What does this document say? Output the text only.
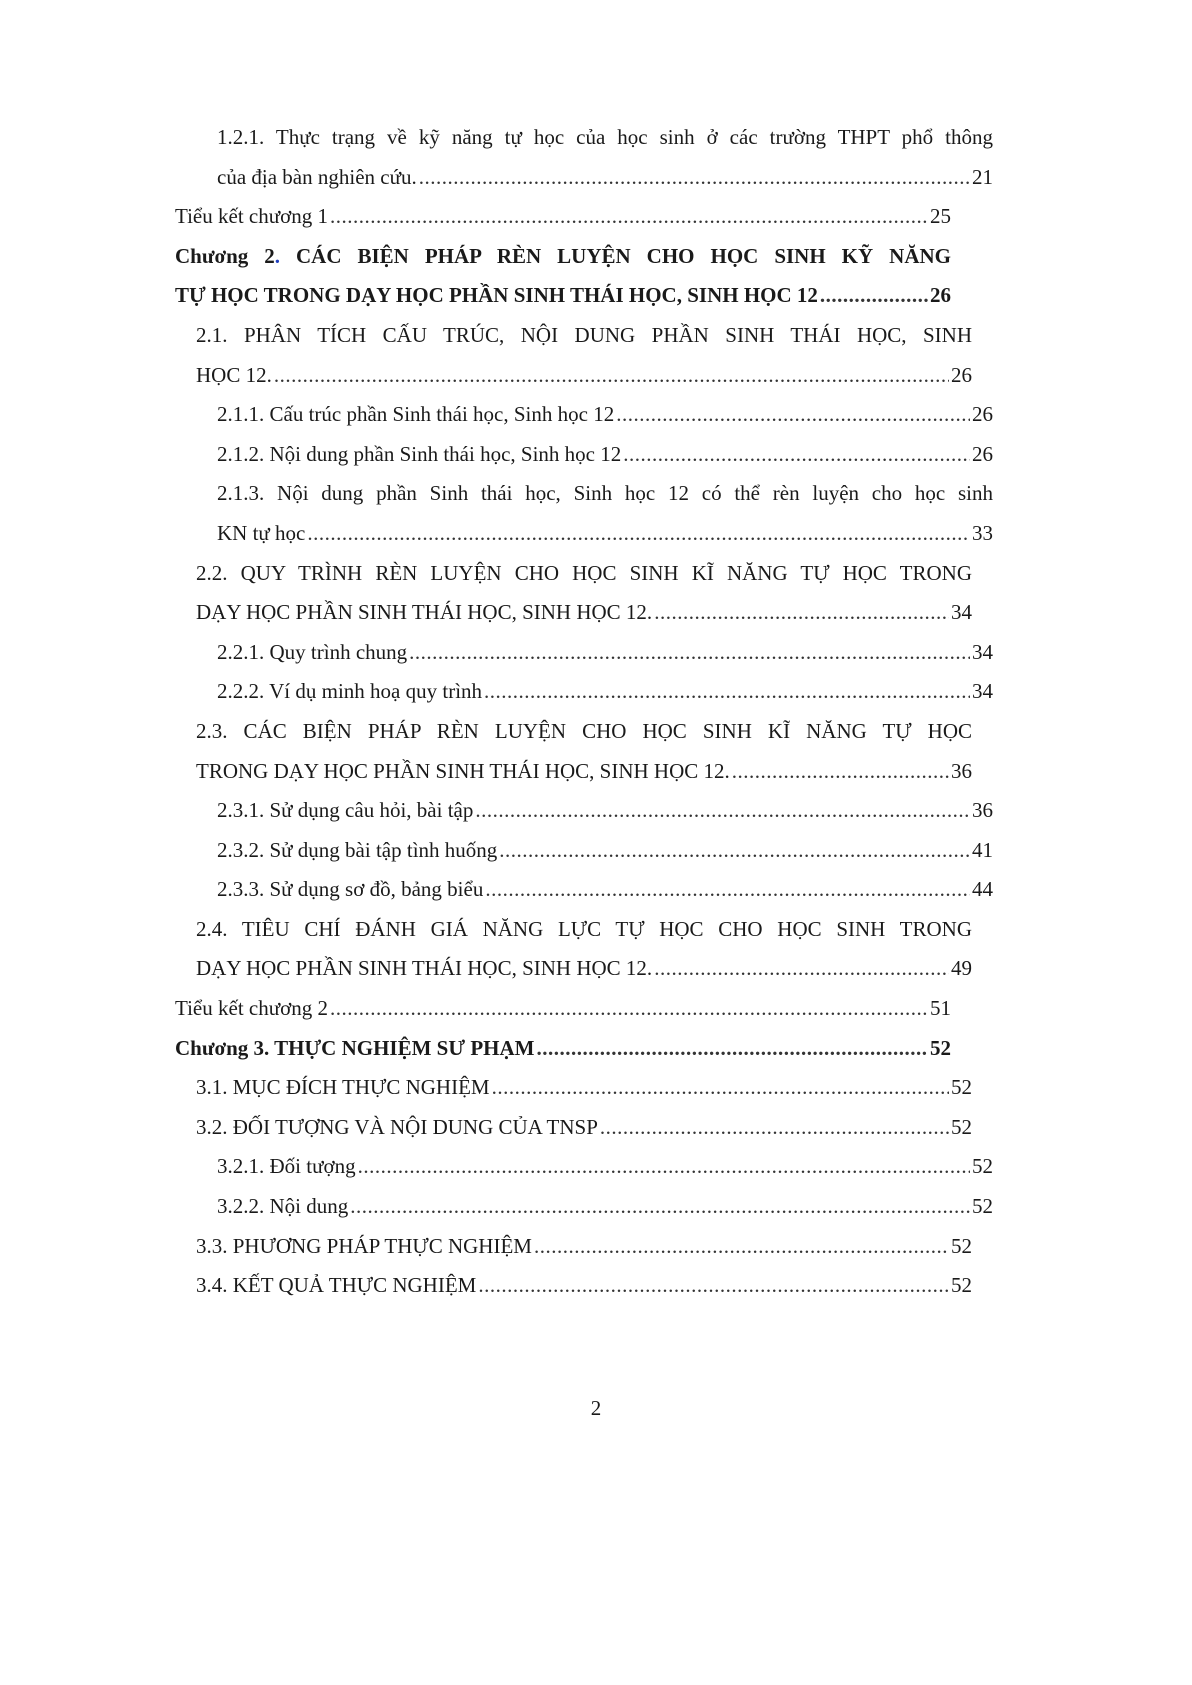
1.2.1. Thực trạng về kỹ năng tự học của học sinh ở các trường THPT phổ thông
của địa bàn nghiên cứu. .....	21
Tiểu kết chương 1 .....	25
Chương 2. CÁC BIỆN PHÁP RÈN LUYỆN CHO HỌC SINH KỸ NĂNG
TỰ HỌC TRONG DẠY HỌC PHẦN SINH THÁI HỌC, SINH HỌC 12 .....	26
2.1. PHÂN TÍCH CẤU TRÚC, NỘI DUNG PHẦN SINH THÁI HỌC, SINH
HỌC 12. .....	26
2.1.1. Cấu trúc phần Sinh thái học, Sinh học 12 .....	26
2.1.2. Nội dung phần Sinh thái học, Sinh học 12 .....	26
2.1.3. Nội dung phần Sinh thái học, Sinh học 12 có thể rèn luyện cho học sinh
KN tự học .....	33
2.2. QUY TRÌNH RÈN LUYỆN CHO HỌC SINH KĨ NĂNG TỰ HỌC TRONG
DẠY HỌC PHẦN SINH THÁI HỌC, SINH HỌC 12. .....	34
2.2.1. Quy trình chung .....	34
2.2.2. Ví dụ minh hoạ quy trình .....	34
2.3. CÁC BIỆN PHÁP RÈN LUYỆN CHO HỌC SINH KĨ NĂNG TỰ HỌC
TRONG DẠY HỌC PHẦN SINH THÁI HỌC, SINH HỌC 12. .....	36
2.3.1. Sử dụng câu hỏi, bài tập .....	36
2.3.2. Sử dụng bài tập tình huống .....	41
2.3.3. Sử dụng sơ đồ, bảng biểu .....	44
2.4. TIÊU CHÍ ĐÁNH GIÁ NĂNG LỰC TỰ HỌC CHO HỌC SINH TRONG
DẠY HỌC PHẦN SINH THÁI HỌC, SINH HỌC 12. .....	49
Tiểu kết chương 2 .....	51
Chương 3. THỰC NGHIỆM SƯ PHẠM .....	52
3.1. MỤC ĐÍCH THỰC NGHIỆM .....	52
3.2. ĐỐI TƯỢNG VÀ NỘI DUNG CỦA TNSP .....	52
3.2.1. Đối tượng .....	52
3.2.2. Nội dung .....	52
3.3. PHƯƠNG PHÁP THỰC NGHIỆM .....	52
3.4. KẾT QUẢ THỰC NGHIỆM .....	52
2
